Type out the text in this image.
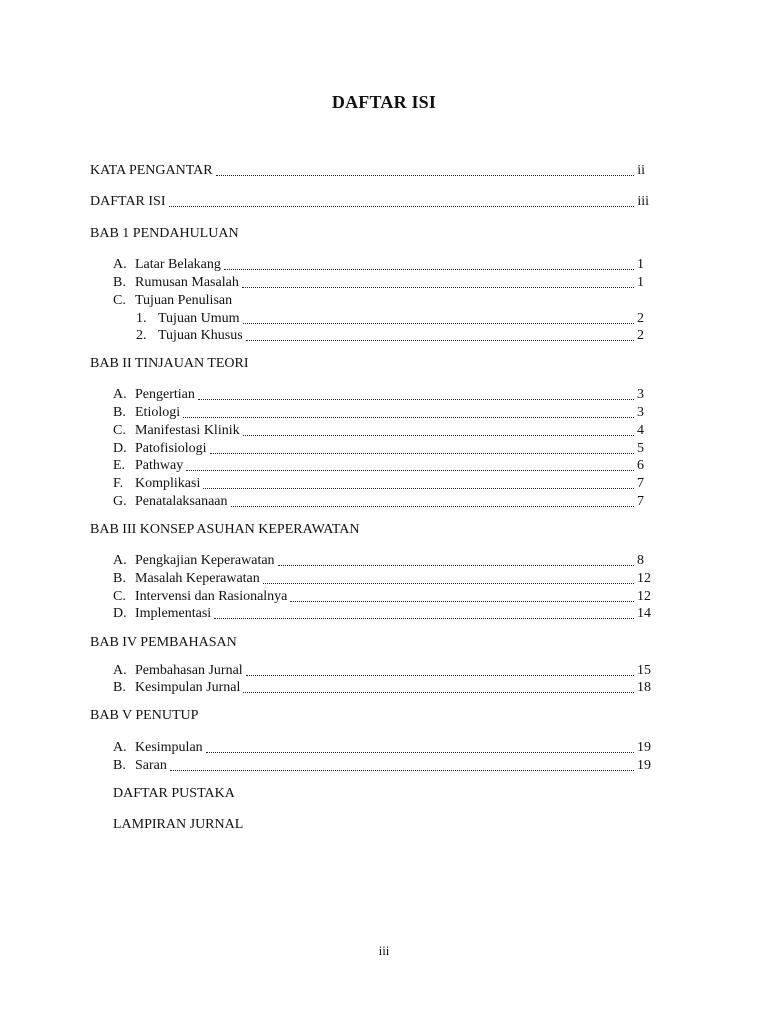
DAFTAR ISI
KATA PENGANTAR	ii
DAFTAR ISI	iii
BAB 1 PENDAHULUAN
A. Latar Belakang	1
B. Rumusan Masalah	1
C. Tujuan Penulisan
1. Tujuan Umum	2
2. Tujuan Khusus	2
BAB II TINJAUAN TEORI
A. Pengertian	3
B. Etiologi	3
C. Manifestasi Klinik	4
D. Patofisiologi	5
E. Pathway	6
F. Komplikasi	7
G. Penatalaksanaan	7
BAB III KONSEP ASUHAN KEPERAWATAN
A. Pengkajian Keperawatan	8
B. Masalah Keperawatan	12
C. Intervensi dan Rasionalnya	12
D. Implementasi	14
BAB IV PEMBAHASAN
A. Pembahasan Jurnal	15
B. Kesimpulan Jurnal	18
BAB V PENUTUP
A. Kesimpulan	19
B. Saran	19
DAFTAR PUSTAKA
LAMPIRAN JURNAL
iii
